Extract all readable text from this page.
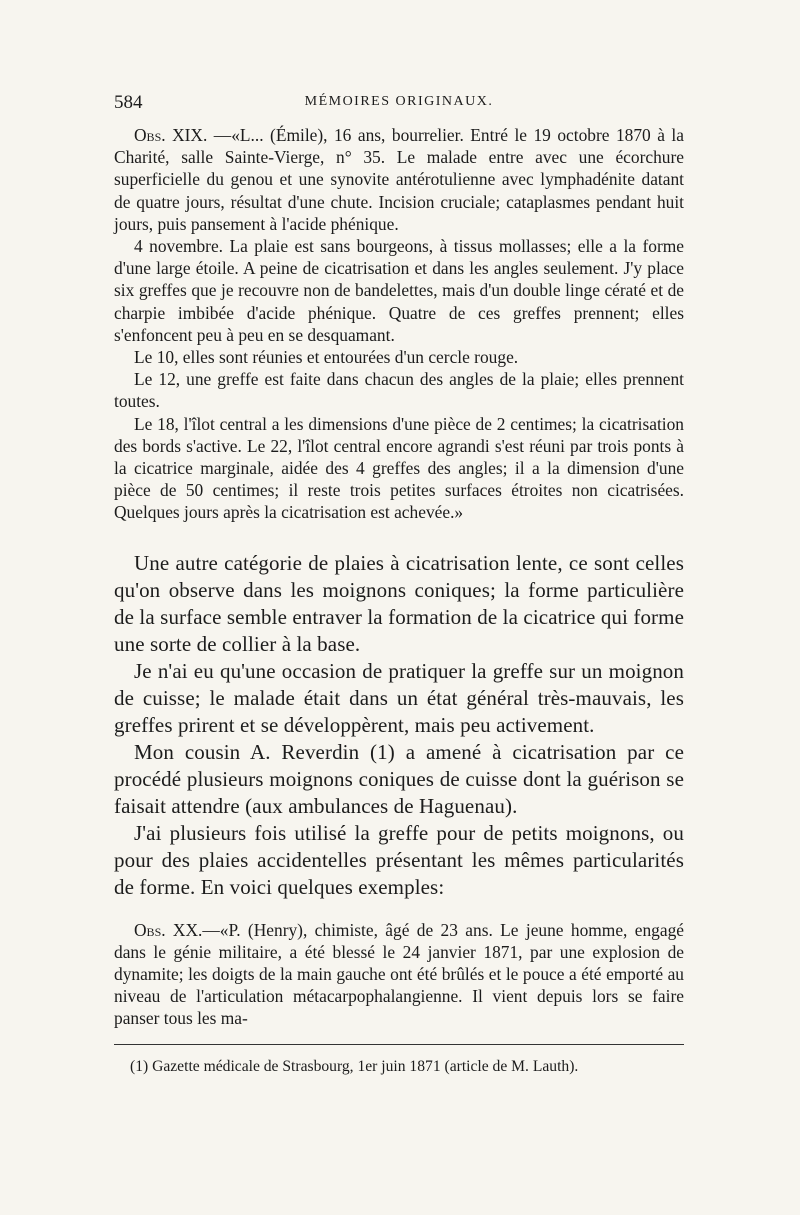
584	MÉMOIRES ORIGINAUX.

Obs. XIX. —«L... (Émile), 16 ans, bourrelier. Entré le 19 octobre 1870 à la Charité, salle Sainte-Vierge, n° 35. Le malade entre avec une écorchure superficielle du genou et une synovite antérotulienne avec lymphadénite datant de quatre jours, résultat d'une chute. Incision cruciale; cataplasmes pendant huit jours, puis pansement à l'acide phénique.

4 novembre. La plaie est sans bourgeons, à tissus mollasses; elle a la forme d'une large étoile. A peine de cicatrisation et dans les angles seulement. J'y place six greffes que je recouvre non de bandelettes, mais d'un double linge cératé et de charpie imbibée d'acide phénique. Quatre de ces greffes prennent; elles s'enfoncent peu à peu en se desquamant.

Le 10, elles sont réunies et entourées d'un cercle rouge.

Le 12, une greffe est faite dans chacun des angles de la plaie; elles prennent toutes.

Le 18, l'îlot central a les dimensions d'une pièce de 2 centimes; la cicatrisation des bords s'active. Le 22, l'îlot central encore agrandi s'est réuni par trois ponts à la cicatrice marginale, aidée des 4 greffes des angles; il a la dimension d'une pièce de 50 centimes; il reste trois petites surfaces étroites non cicatrisées. Quelques jours après la cicatrisation est achevée.»

Une autre catégorie de plaies à cicatrisation lente, ce sont celles qu'on observe dans les moignons coniques; la forme particulière de la surface semble entraver la formation de la cicatrice qui forme une sorte de collier à la base.

Je n'ai eu qu'une occasion de pratiquer la greffe sur un moignon de cuisse; le malade était dans un état général très-mauvais, les greffes prirent et se développèrent, mais peu activement.

Mon cousin A. Reverdin (1) a amené à cicatrisation par ce procédé plusieurs moignons coniques de cuisse dont la guérison se faisait attendre (aux ambulances de Haguenau).

J'ai plusieurs fois utilisé la greffe pour de petits moignons, ou pour des plaies accidentelles présentant les mêmes particularités de forme. En voici quelques exemples:

Obs. XX.—«P. (Henry), chimiste, âgé de 23 ans. Le jeune homme, engagé dans le génie militaire, a été blessé le 24 janvier 1871, par une explosion de dynamite; les doigts de la main gauche ont été brûlés et le pouce a été emporté au niveau de l'articulation métacarpophalangienne. Il vient depuis lors se faire panser tous les ma-

(1) Gazette médicale de Strasbourg, 1er juin 1871 (article de M. Lauth).
